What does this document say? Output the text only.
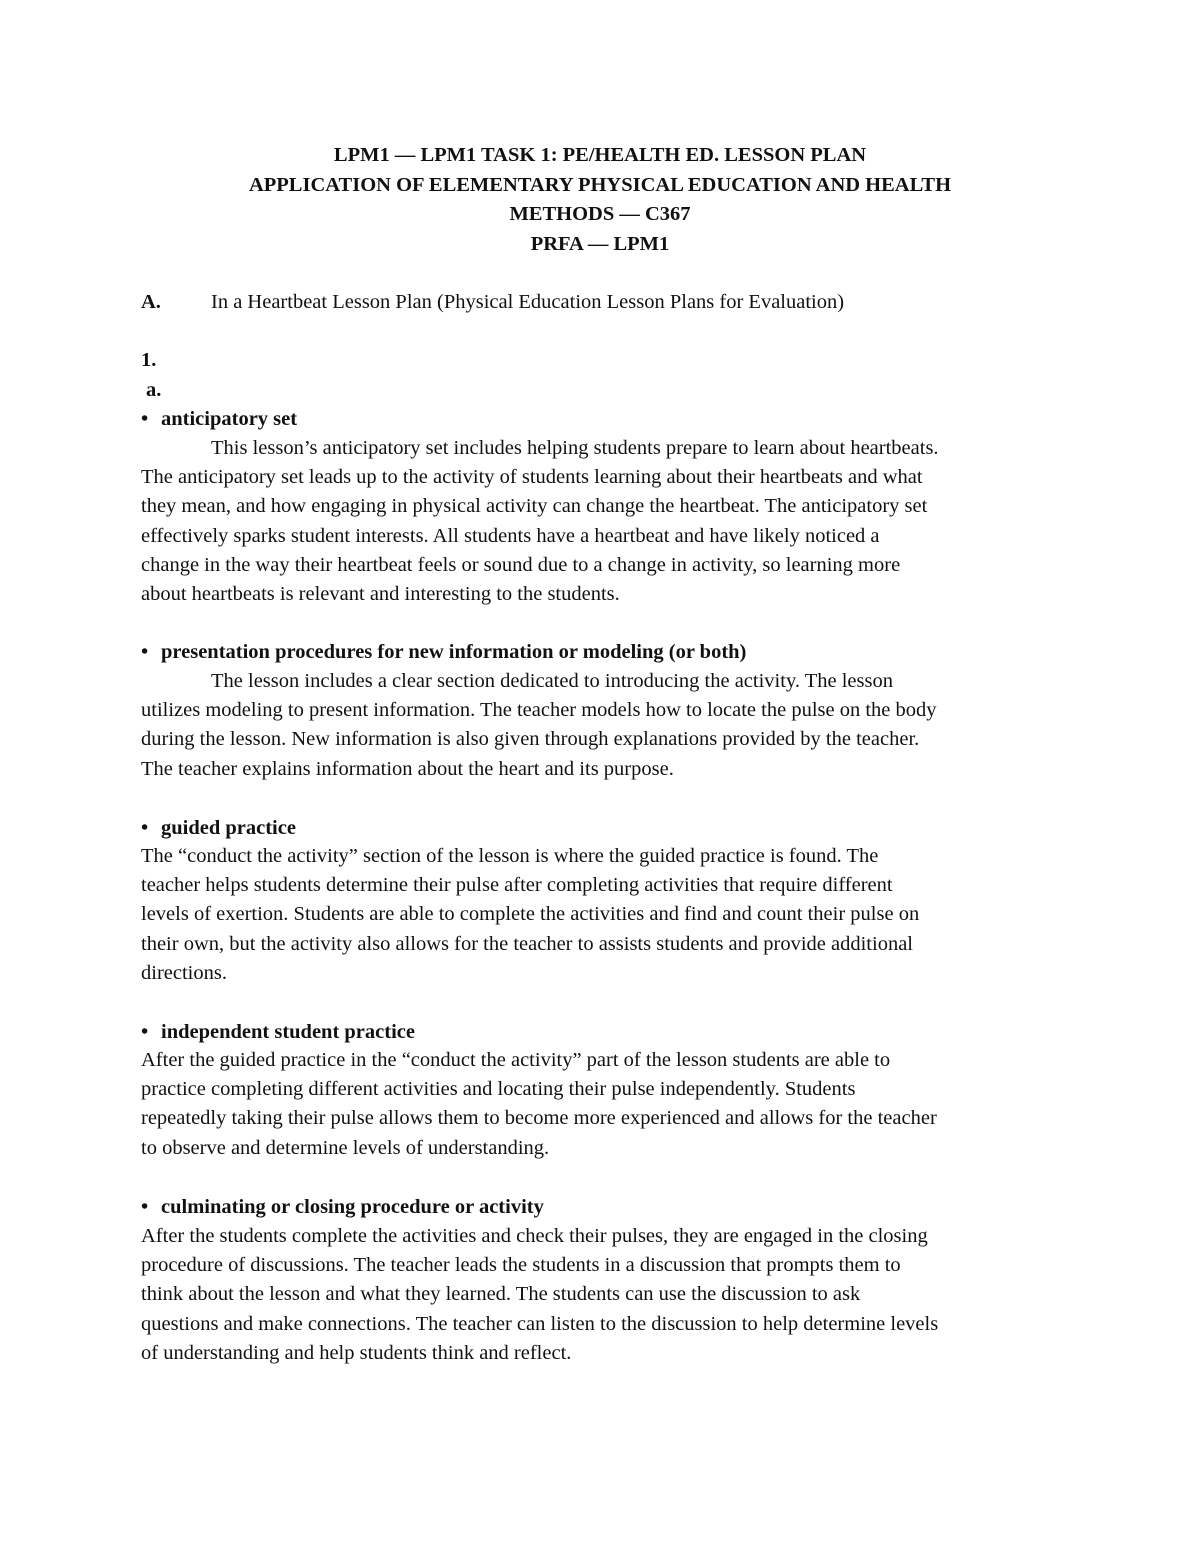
LPM1 — LPM1 TASK 1: PE/HEALTH ED. LESSON PLAN
APPLICATION OF ELEMENTARY PHYSICAL EDUCATION AND HEALTH
METHODS — C367
PRFA — LPM1
A. In a Heartbeat Lesson Plan (Physical Education Lesson Plans for Evaluation)
1.
a.
• anticipatory set
This lesson’s anticipatory set includes helping students prepare to learn about heartbeats.
The anticipatory set leads up to the activity of students learning about their heartbeats and what
they mean, and how engaging in physical activity can change the heartbeat. The anticipatory set
effectively sparks student interests. All students have a heartbeat and have likely noticed a
change in the way their heartbeat feels or sound due to a change in activity, so learning more
about heartbeats is relevant and interesting to the students.
• presentation procedures for new information or modeling (or both)
The lesson includes a clear section dedicated to introducing the activity. The lesson
utilizes modeling to present information. The teacher models how to locate the pulse on the body
during the lesson. New information is also given through explanations provided by the teacher.
The teacher explains information about the heart and its purpose.
• guided practice
The “conduct the activity” section of the lesson is where the guided practice is found. The
teacher helps students determine their pulse after completing activities that require different
levels of exertion. Students are able to complete the activities and find and count their pulse on
their own, but the activity also allows for the teacher to assists students and provide additional
directions.
• independent student practice
After the guided practice in the “conduct the activity” part of the lesson students are able to
practice completing different activities and locating their pulse independently. Students
repeatedly taking their pulse allows them to become more experienced and allows for the teacher
to observe and determine levels of understanding.
• culminating or closing procedure or activity
After the students complete the activities and check their pulses, they are engaged in the closing
procedure of discussions. The teacher leads the students in a discussion that prompts them to
think about the lesson and what they learned. The students can use the discussion to ask
questions and make connections. The teacher can listen to the discussion to help determine levels
of understanding and help students think and reflect.
